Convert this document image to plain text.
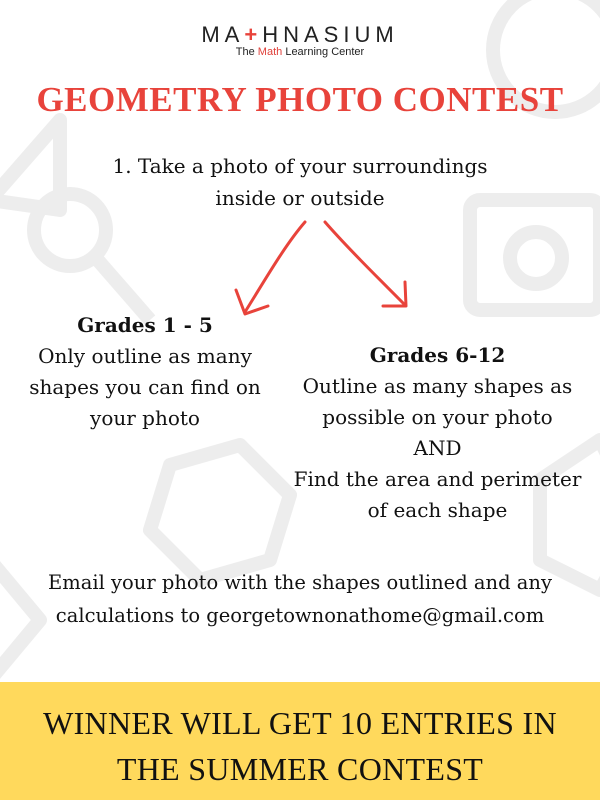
MA+HNASIUM
The Math Learning Center
GEOMETRY PHOTO CONTEST
1. Take a photo of your surroundings
inside or outside
Grades 1 - 5
Only outline as many
shapes you can find on
your photo
Grades 6-12
Outline as many shapes as
possible on your photo
AND
Find the area and perimeter
of each shape
Email your photo with the shapes outlined and any
calculations to georgetownonathome@gmail.com
WINNER WILL GET 10 ENTRIES IN
THE SUMMER CONTEST
